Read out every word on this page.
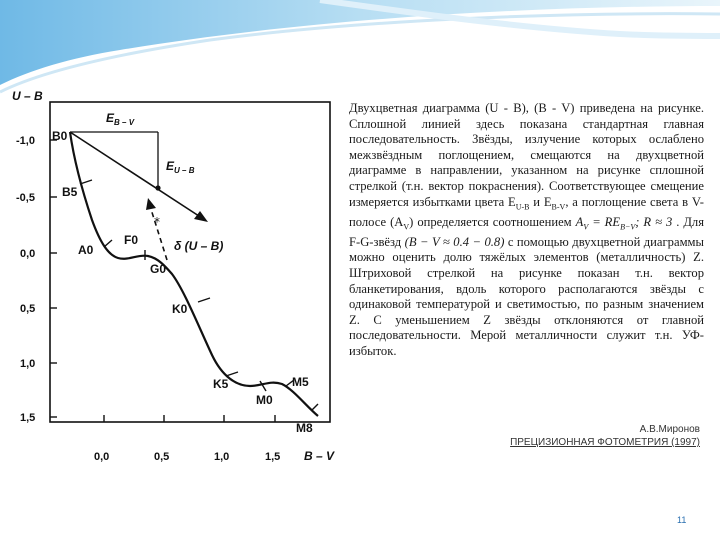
U – B
B – V
-1,0
-0,5
0,0
0,5
1,0
1,5
0,0	0,5	1,0	1,5
B0
B5
A0
F0
G0
K0
K5
M0
M5
M8
$E_{B - V}$
$E_{U - B}$
*
δ (U – B)

Двухцветная диаграмма (U - B), (B - V) приведена на рисунке. Сплошной линией здесь показана стандартная главная последовательность. Звёзды, излучение которых ослаблено межзвёздным поглощением, смещаются на двухцветной диаграмме в направлении, указанном на рисунке сплошной стрелкой (т.н. вектор покраснения). Соответствующее смещение измеряется избытками цвета $E_{U-B}$ и $E_{B-V}$, а поглощение света в V-полосе $(A_V)$ определяется соотношением $A_V = RE_{B-V}$; R ≈ 3 . Для F-G-звёзд (B − V ≈ 0.4 − 0.8) с помощью двухцветной диаграммы можно оценить долю тяжёлых элементов (металличность) Z. Штриховой стрелкой на рисунке показан т.н. вектор бланкетирования, вдоль которого располагаются звёзды с одинаковой температурой и светимостью, по разным значением Z. С уменьшением Z звёзды отклоняются от главной последовательности. Мерой металличности служит т.н. УФ-избыток.

А.В.Миронов
ПРЕЦИЗИОННАЯ ФОТОМЕТРИЯ (1997)
11
